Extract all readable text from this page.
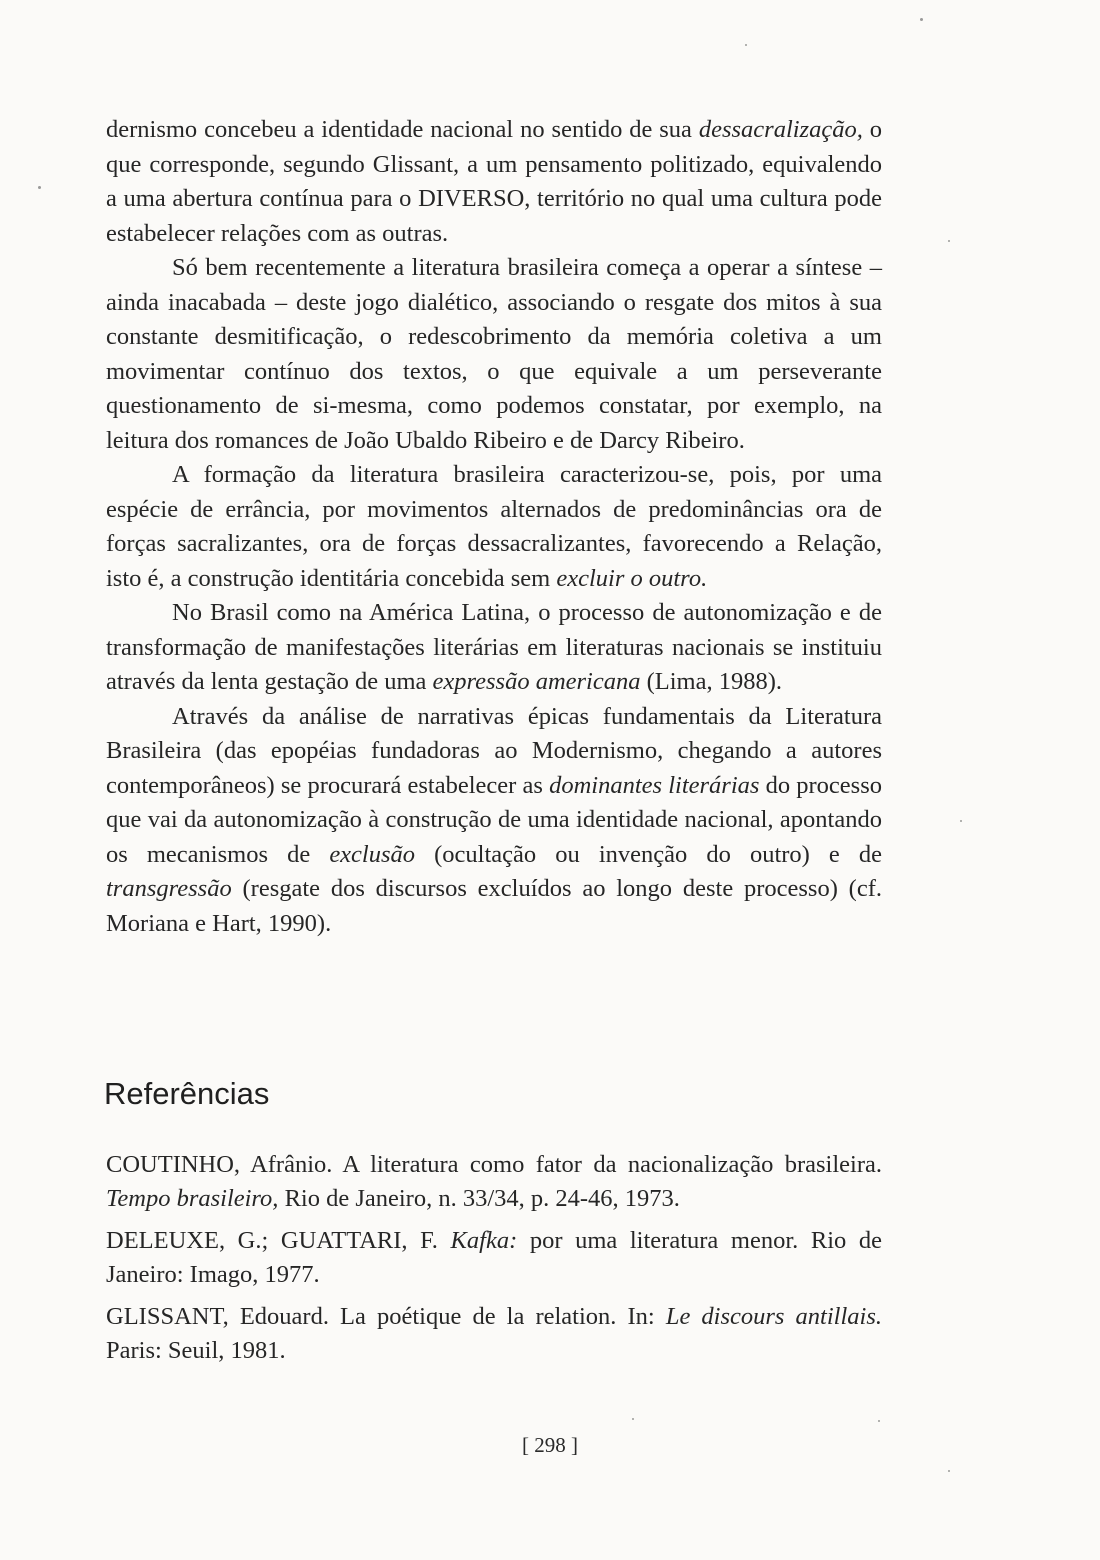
dernismo concebeu a identidade nacional no sentido de sua dessacralização, o que corresponde, segundo Glissant, a um pensamento politizado, equivalendo a uma abertura contínua para o DIVERSO, território no qual uma cultura pode estabelecer relações com as outras.

Só bem recentemente a literatura brasileira começa a operar a síntese – ainda inacabada – deste jogo dialético, associando o resgate dos mitos à sua constante desmitificação, o redescobrimento da memória coletiva a um movimentar contínuo dos textos, o que equivale a um perseverante questionamento de si-mesma, como podemos constatar, por exemplo, na leitura dos romances de João Ubaldo Ribeiro e de Darcy Ribeiro.

A formação da literatura brasileira caracterizou-se, pois, por uma espécie de errância, por movimentos alternados de predominâncias ora de forças sacralizantes, ora de forças dessacralizantes, favorecendo a Relação, isto é, a construção identitária concebida sem excluir o outro.

No Brasil como na América Latina, o processo de autonomização e de transformação de manifestações literárias em literaturas nacionais se instituiu através da lenta gestação de uma expressão americana (Lima, 1988).

Através da análise de narrativas épicas fundamentais da Literatura Brasileira (das epopéias fundadoras ao Modernismo, chegando a autores contemporâneos) se procurará estabelecer as dominantes literárias do processo que vai da autonomização à construção de uma identidade nacional, apontando os mecanismos de exclusão (ocultação ou invenção do outro) e de transgressão (resgate dos discursos excluídos ao longo deste processo) (cf. Moriana e Hart, 1990).

Referências

COUTINHO, Afrânio. A literatura como fator da nacionalização brasileira. Tempo brasileiro, Rio de Janeiro, n. 33/34, p. 24-46, 1973.

DELEUXE, G.; GUATTARI, F. Kafka: por uma literatura menor. Rio de Janeiro: Imago, 1977.

GLISSANT, Edouard. La poétique de la relation. In: Le discours antillais. Paris: Seuil, 1981.

[ 298 ]
